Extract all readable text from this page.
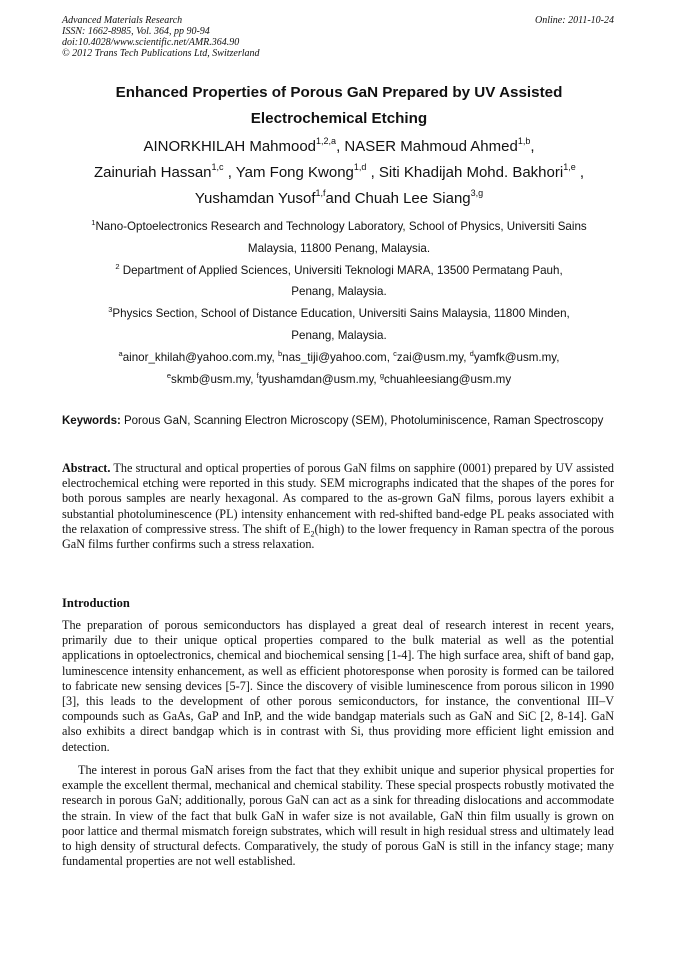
Advanced Materials Research
ISSN: 1662-8985, Vol. 364, pp 90-94
doi:10.4028/www.scientific.net/AMR.364.90
© 2012 Trans Tech Publications Ltd, Switzerland
Online: 2011-10-24
Enhanced Properties of Porous GaN Prepared by UV Assisted
Electrochemical Etching
AINORKHILAH Mahmood$^{1,2,a}$, NASER Mahmoud Ahmed$^{1,b}$,
Zainuriah Hassan$^{1,c}$ , Yam Fong Kwong$^{1,d}$ , Siti Khadijah Mohd. Bakhori$^{1,e}$ ,
Yushamdan Yusof$^{1,f}$and Chuah Lee Siang$^{3,g}$

$^1$Nano-Optoelectronics Research and Technology Laboratory, School of Physics, Universiti Sains
Malaysia, 11800 Penang, Malaysia.

$^2$ Department of Applied Sciences, Universiti Teknologi MARA, 13500 Permatang Pauh,
Penang, Malaysia.

$^3$Physics Section, School of Distance Education, Universiti Sains Malaysia, 11800 Minden,
Penang, Malaysia.

$^a$ainor_khilah@yahoo.com.my, $^b$nas_tiji@yahoo.com, $^c$zai@usm.my, $^d$yamfk@usm.my,
$^e$skmb@usm.my, $^f$tyushamdan@usm.my, $^g$chuahleesiang@usm.my

Keywords: Porous GaN, Scanning Electron Microscopy (SEM), Photoluminiscence, Raman Spectroscopy

Abstract. The structural and optical properties of porous GaN films on sapphire (0001) prepared by UV assisted electrochemical etching were reported in this study. SEM micrographs indicated that the shapes of the pores for both porous samples are nearly hexagonal. As compared to the as-grown GaN films, porous layers exhibit a substantial photoluminescence (PL) intensity enhancement with red-shifted band-edge PL peaks associated with the relaxation of compressive stress. The shift of $E_2(high)$ to the lower frequency in Raman spectra of the porous GaN films further confirms such a stress relaxation.

Introduction

The preparation of porous semiconductors has displayed a great deal of research interest in recent years, primarily due to their unique optical properties compared to the bulk material as well as the potential applications in optoelectronics, chemical and biochemical sensing [1-4]. The high surface area, shift of band gap, luminescence intensity enhancement, as well as efficient photoresponse when porosity is formed can be tailored to fabricate new sensing devices [5-7]. Since the discovery of visible luminescence from porous silicon in 1990 [3], this leads to the development of other porous semiconductors, for instance, the conventional III–V compounds such as GaAs, GaP and InP, and the wide bandgap materials such as GaN and SiC [2, 8-14]. GaN also exhibits a direct bandgap which is in contrast with Si, thus providing more efficient light emission and detection.

The interest in porous GaN arises from the fact that they exhibit unique and superior physical properties for example the excellent thermal, mechanical and chemical stability. These special prospects robustly motivated the research in porous GaN; additionally, porous GaN can act as a sink for threading dislocations and accommodate the strain. In view of the fact that bulk GaN in wafer size is not available, GaN thin film usually is grown on poor lattice and thermal mismatch foreign substrates, which will result in high residual stress and ultimately lead to high density of structural defects. Comparatively, the study of porous GaN is still in the infancy stage; many fundamental properties are not well established.
